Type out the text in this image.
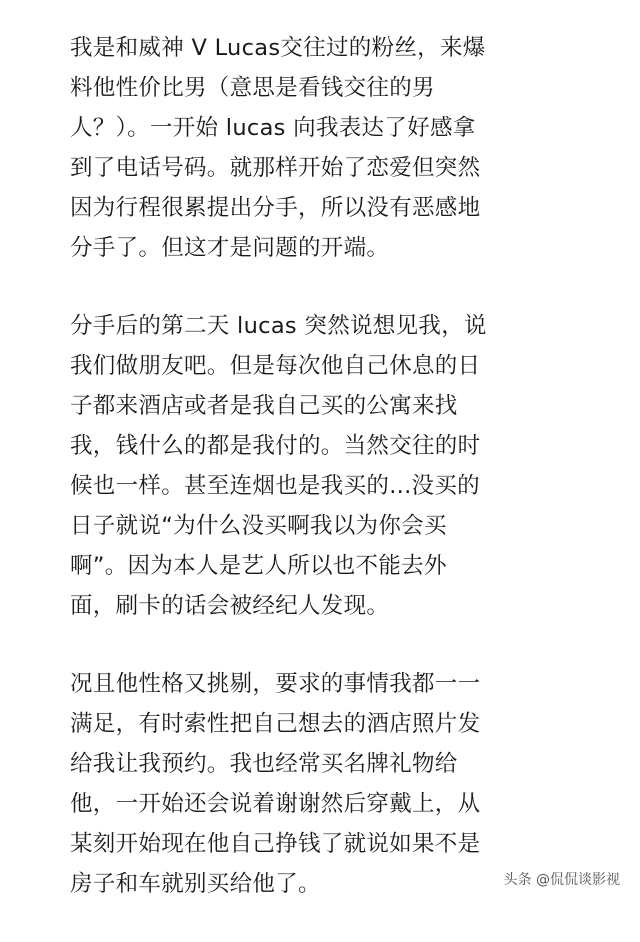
我是和威神 V Lucas交往过的粉丝，来爆
料他性价比男（意思是看钱交往的男
人？）。一开始 lucas 向我表达了好感拿
到了电话号码。就那样开始了恋爱但突然
因为行程很累提出分手，所以没有恶感地
分手了。但这才是问题的开端。
分手后的第二天 lucas 突然说想见我，说
我们做朋友吧。但是每次他自己休息的日
子都来酒店或者是我自己买的公寓来找
我，钱什么的都是我付的。当然交往的时
候也一样。甚至连烟也是我买的...没买的
日子就说“为什么没买啊我以为你会买
啊”。因为本人是艺人所以也不能去外
面，刷卡的话会被经纪人发现。
况且他性格又挑剔，要求的事情我都一一
满足，有时索性把自己想去的酒店照片发
给我让我预约。我也经常买名牌礼物给
他，一开始还会说着谢谢然后穿戴上，从
某刻开始现在他自己挣钱了就说如果不是
房子和车就别买给他了。	头条 @侃侃谈影视
